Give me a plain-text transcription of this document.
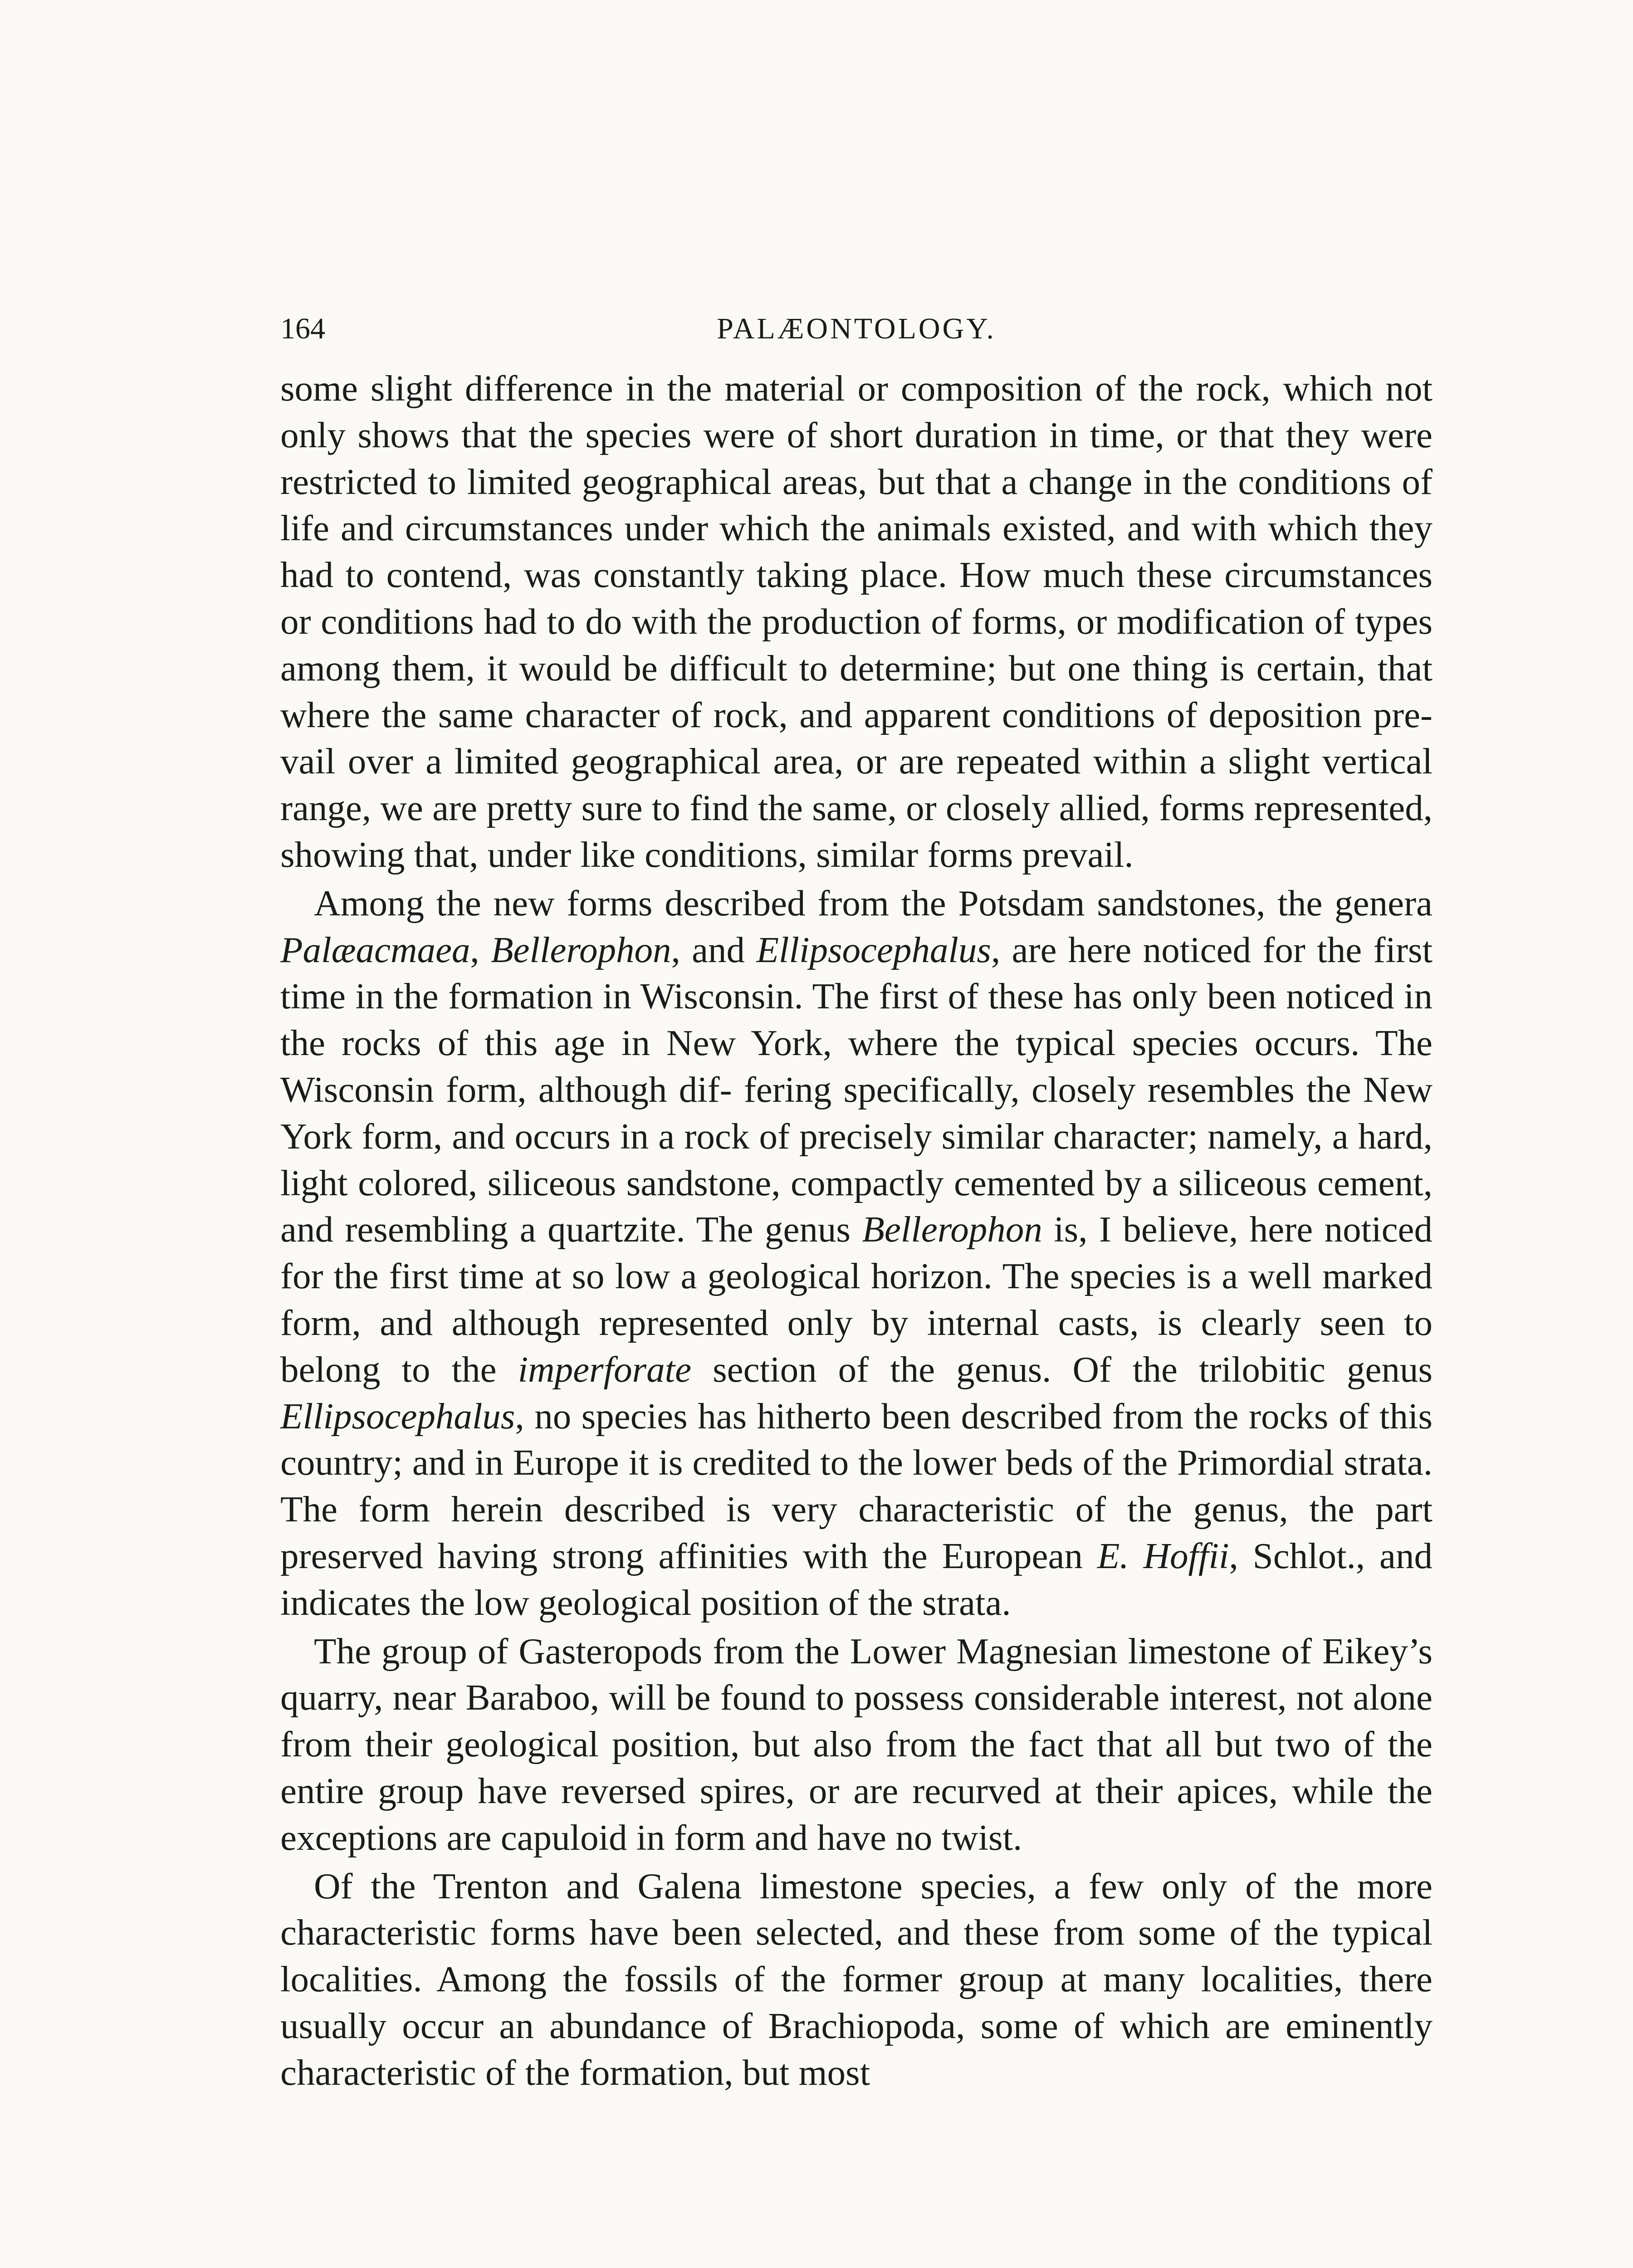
164	PALÆONTOLOGY.

some slight difference in the material or composition of the rock, which not only shows that the species were of short duration in time, or that they were restricted to limited geographical areas, but that a change in the conditions of life and circumstances under which the animals existed, and with which they had to contend, was constantly taking place. How much these circumstances or conditions had to do with the production of forms, or modification of types among them, it would be difficult to determine; but one thing is certain, that where the same character of rock, and apparent conditions of deposition pre- vail over a limited geographical area, or are repeated within a slight vertical range, we are pretty sure to find the same, or closely allied, forms represented, showing that, under like conditions, similar forms prevail.

Among the new forms described from the Potsdam sandstones, the genera Palæacmaea, Bellerophon, and Ellipsocephalus, are here noticed for the first time in the formation in Wisconsin. The first of these has only been noticed in the rocks of this age in New York, where the typical species occurs. The Wisconsin form, although dif- fering specifically, closely resembles the New York form, and occurs in a rock of precisely similar character; namely, a hard, light colored, siliceous sandstone, compactly cemented by a siliceous cement, and resembling a quartzite. The genus Bellerophon is, I believe, here noticed for the first time at so low a geological horizon. The species is a well marked form, and although represented only by internal casts, is clearly seen to belong to the imperforate section of the genus. Of the trilobitic genus Ellipsocephalus, no species has hitherto been described from the rocks of this country; and in Europe it is credited to the lower beds of the Primordial strata. The form herein described is very characteristic of the genus, the part preserved having strong affinities with the European E. Hoffii, Schlot., and indicates the low geological position of the strata.

The group of Gasteropods from the Lower Magnesian limestone of Eikey’s quarry, near Baraboo, will be found to possess considerable interest, not alone from their geological position, but also from the fact that all but two of the entire group have reversed spires, or are recurved at their apices, while the exceptions are capuloid in form and have no twist.

Of the Trenton and Galena limestone species, a few only of the more characteristic forms have been selected, and these from some of the typical localities. Among the fossils of the former group at many localities, there usually occur an abundance of Brachiopoda, some of which are eminently characteristic of the formation, but most
